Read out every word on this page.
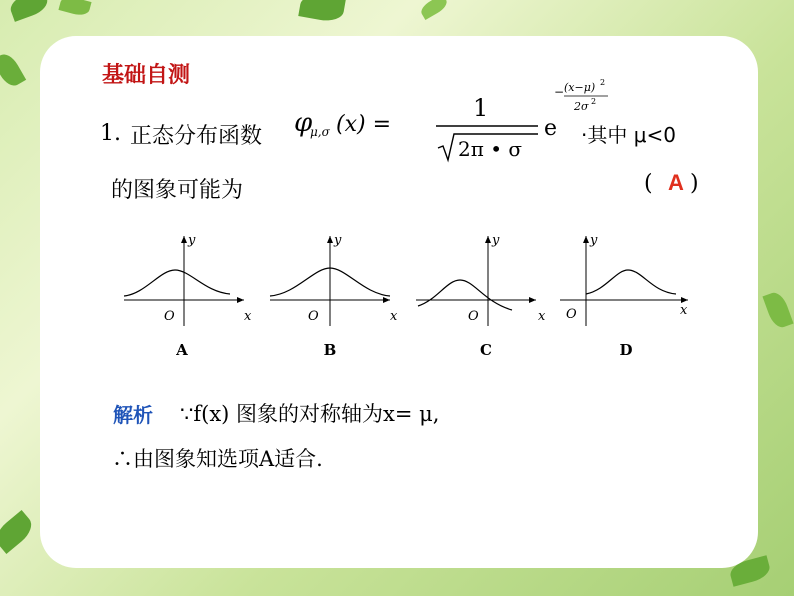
基础自测
1. 正态分布函数 φ
μ,σ (x) =
1
2π • σ
e
− (x−μ) 2
2σ 2
·其中 μ<0
的图象可能为	( A )
x
y
O
A
x
y
O
B
x
y
O
C
x
y
O
D
解析 ∵f(x) 图象的对称轴为x= μ,
∴由图象知选项A适合.
